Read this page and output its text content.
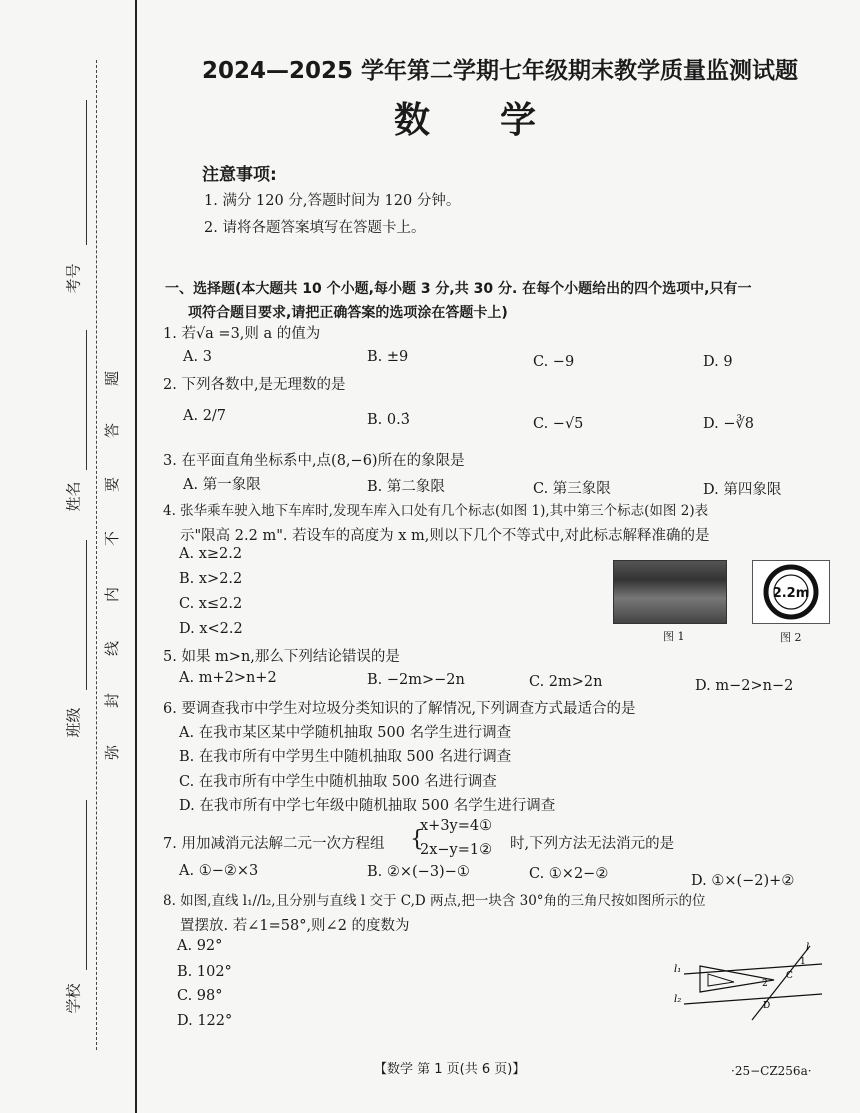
考号
姓名
班级
学校
题
答
要
不
内
线
封
弥
2024—2025 学年第二学期七年级期末教学质量监测试题
数学
注意事项:
1. 满分 120 分,答题时间为 120 分钟。
2. 请将各题答案填写在答题卡上。
一、选择题(本大题共 10 个小题,每小题 3 分,共 30 分. 在每个小题给出的四个选项中,只有一
项符合题目要求,请把正确答案的选项涂在答题卡上)
1. 若√a =3,则 a 的值为
A. 3	B. ±9	C. −9	D. 9
2. 下列各数中,是无理数的是
A. 2/7	B. 0.3̇	C. −√5	D. −∛8
3. 在平面直角坐标系中,点(8,−6)所在的象限是
A. 第一象限	B. 第二象限	C. 第三象限	D. 第四象限
4. 张华乘车驶入地下车库时,发现车库入口处有几个标志(如图 1),其中第三个标志(如图 2)表
示"限高 2.2 m". 若设车的高度为 x m,则以下几个不等式中,对此标志解释准确的是
A. x≥2.2
B. x>2.2
C. x≤2.2
D. x<2.2
2.2m
图 1	图 2
5. 如果 m>n,那么下列结论错误的是
A. m+2>n+2	B. −2m>−2n	C. 2m>2n	D. m−2>n−2
6. 要调查我市中学生对垃圾分类知识的了解情况,下列调查方式最适合的是
A. 在我市某区某中学随机抽取 500 名学生进行调查
B. 在我市所有中学男生中随机抽取 500 名进行调查
C. 在我市所有中学生中随机抽取 500 名进行调查
D. 在我市所有中学七年级中随机抽取 500 名学生进行调查
7. 用加减消元法解二元一次方程组 {
x+3y=4①
2x−y=1② 时,下列方法无法消元的是
A. ①−②×3	B. ②×(−3)−①	C. ①×2−②	D. ①×(−2)+②
8. 如图,直线 l₁//l₂,且分别与直线 l 交于 C,D 两点,把一块含 30°角的三角尺按如图所示的位
置摆放. 若∠1=58°,则∠2 的度数为
A. 92°
B. 102°
C. 98°
D. 122°
l₁
l₂
l
1
2
C
D
【数学 第 1 页(共 6 页)】	·25−CZ256a·
